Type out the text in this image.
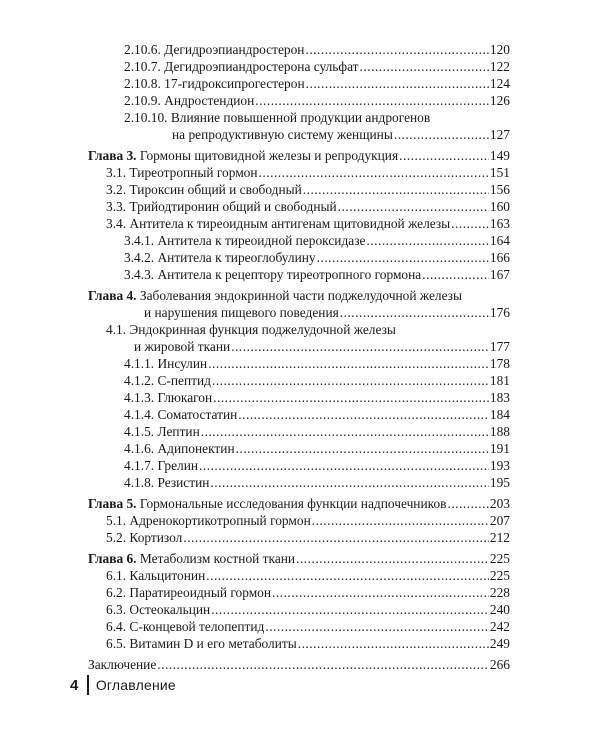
2.10.6. Дегидроэпиандростерон .....	120
2.10.7. Дегидроэпиандростерона сульфат .....	122
2.10.8. 17-гидроксипрогестерон .....	124
2.10.9. Андростендион .....	126
2.10.10. Влияние повышенной продукции андрогенов
на репродуктивную систему женщины .....	127
Глава 3. Гормоны щитовидной железы и репродукция .....	149
3.1. Тиреотропный гормон .....	151
3.2. Тироксин общий и свободный .....	156
3.3. Трийодтиронин общий и свободный .....	160
3.4. Антитела к тиреоидным антигенам щитовидной железы .....	163
3.4.1. Антитела к тиреоидной пероксидазе .....	164
3.4.2. Антитела к тиреоглобулину .....	166
3.4.3. Антитела к рецептору тиреотропного гормона .....	167
Глава 4. Заболевания эндокринной части поджелудочной железы
и нарушения пищевого поведения .....	176
4.1. Эндокринная функция поджелудочной железы
и жировой ткани .....	177
4.1.1. Инсулин .....	178
4.1.2. С-пептид .....	181
4.1.3. Глюкагон .....	183
4.1.4. Соматостатин .....	184
4.1.5. Лептин .....	188
4.1.6. Адипонектин .....	191
4.1.7. Грелин .....	193
4.1.8. Резистин .....	195
Глава 5. Гормональные исследования функции надпочечников .....	203
5.1. Адренокортикотропный гормон .....	207
5.2. Кортизол .....	212
Глава 6. Метаболизм костной ткани .....	225
6.1. Кальцитонин .....	225
6.2. Паратиреоидный гормон .....	228
6.3. Остеокальцин .....	240
6.4. С-концевой телопептид .....	242
6.5. Витамин D и его метаболиты .....	249
Заключение .....	266
4 Оглавление
